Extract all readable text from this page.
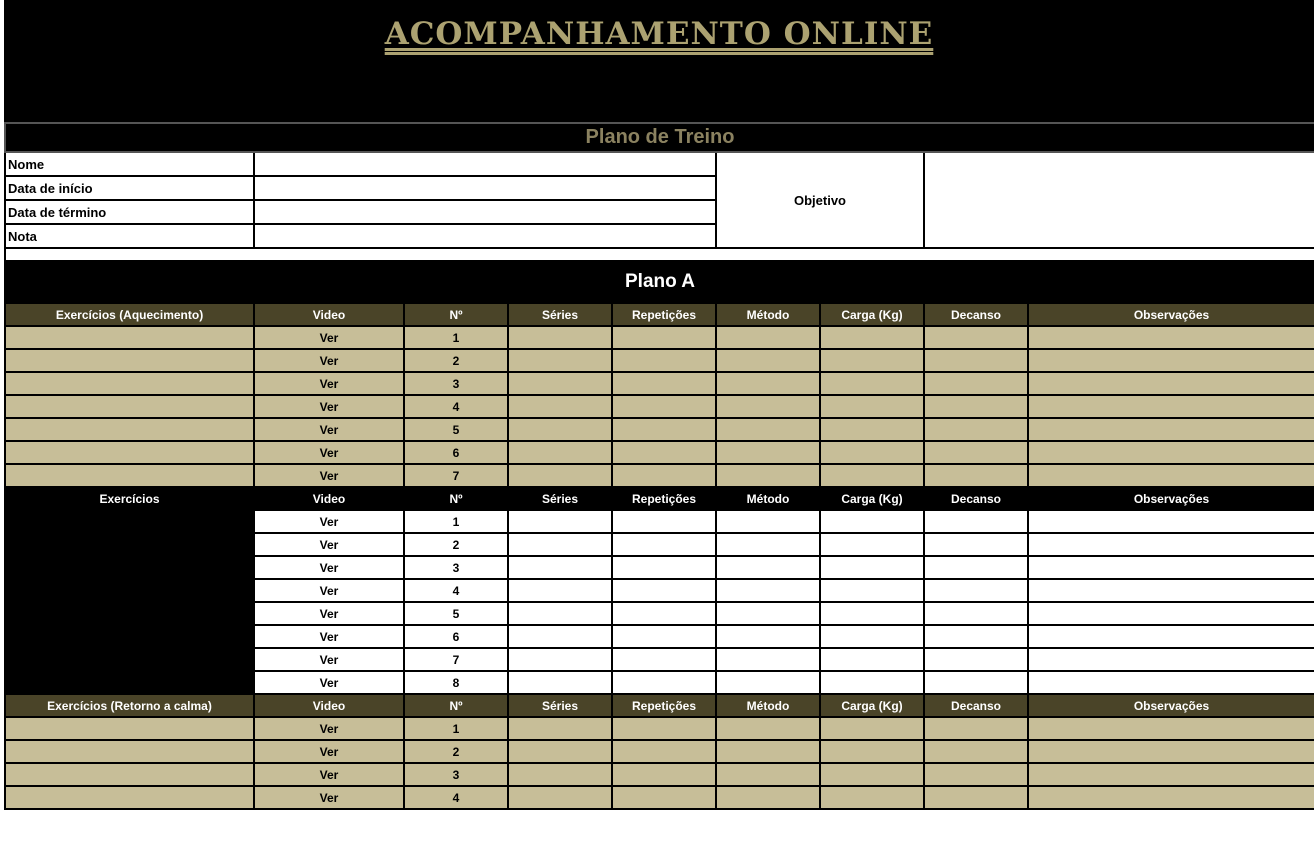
ACOMPANHAMENTO ONLINE
Plano de Treino								
Nome					Objetivo			
Data de início								
Data de término								
Nota								

Plano A								
Exercícios (Aquecimento)	Video	Nº	Séries	Repetições	Método	Carga (Kg)	Decanso	Observações
	Ver	1						
	Ver	2						
	Ver	3						
	Ver	4						
	Ver	5						
	Ver	6						
	Ver	7						
Exercícios	Video	Nº	Séries	Repetições	Método	Carga (Kg)	Decanso	Observações
	Ver	1						
	Ver	2						
	Ver	3						
	Ver	4						
	Ver	5						
	Ver	6						
	Ver	7						
	Ver	8						
Exercícios (Retorno a calma)	Video	Nº	Séries	Repetições	Método	Carga (Kg)	Decanso	Observações
	Ver	1						
	Ver	2						
	Ver	3						
	Ver	4						
